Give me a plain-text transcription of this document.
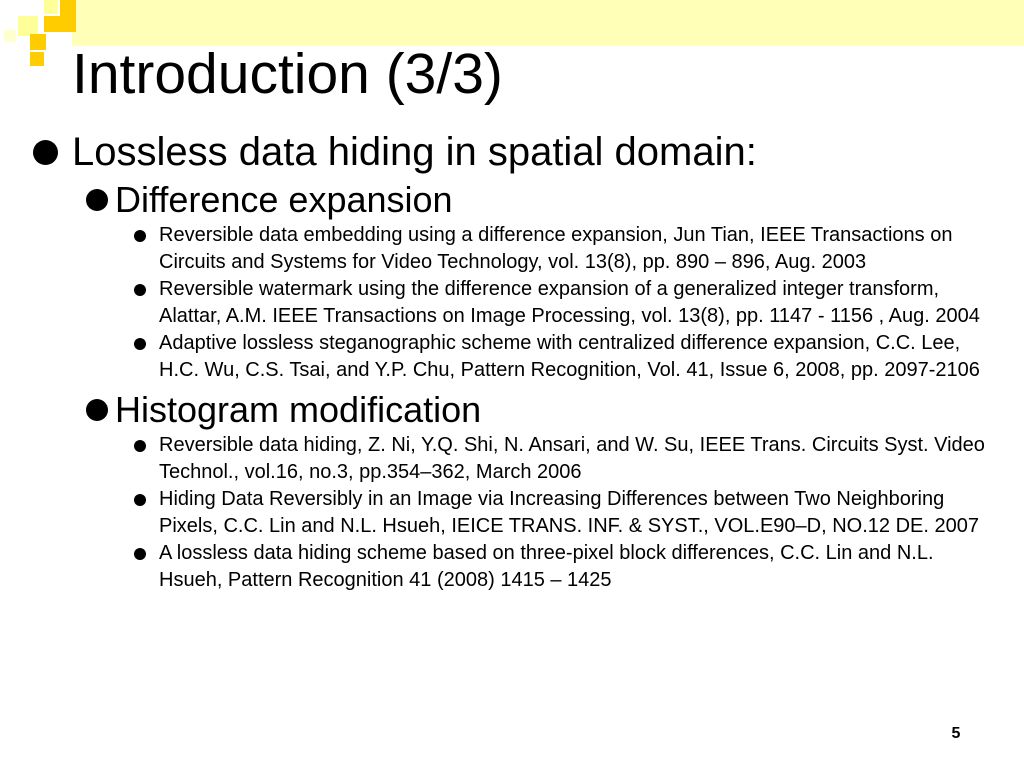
Introduction (3/3)
Lossless data hiding in spatial domain:
Difference expansion
Reversible data embedding using a difference expansion, Jun Tian, IEEE Transactions on Circuits and Systems for Video Technology, vol. 13(8), pp. 890 – 896, Aug. 2003
Reversible watermark using the difference expansion of a generalized integer transform, Alattar, A.M. IEEE Transactions on Image Processing, vol. 13(8), pp. 1147 - 1156 , Aug. 2004
Adaptive lossless steganographic scheme with centralized difference expansion, C.C. Lee, H.C. Wu, C.S. Tsai, and Y.P. Chu, Pattern Recognition, Vol. 41, Issue 6, 2008, pp. 2097-2106
Histogram modification
Reversible data hiding, Z. Ni, Y.Q. Shi, N. Ansari, and W. Su, IEEE Trans. Circuits Syst. Video Technol., vol.16, no.3, pp.354–362, March 2006
Hiding Data Reversibly in an Image via Increasing Differences between Two Neighboring Pixels, C.C. Lin and N.L. Hsueh, IEICE TRANS. INF. & SYST., VOL.E90–D, NO.12 DE. 2007
A lossless data hiding scheme based on three-pixel block differences, C.C. Lin and N.L. Hsueh, Pattern Recognition 41 (2008) 1415 – 1425
5
